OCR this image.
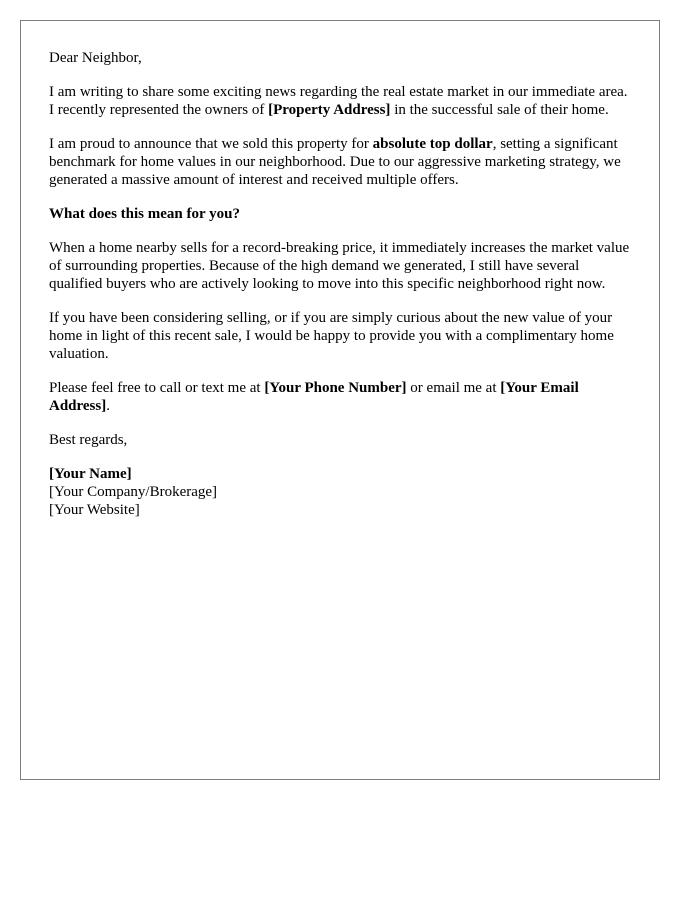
Dear Neighbor,

I am writing to share some exciting news regarding the real estate market in our immediate area. I recently represented the owners of [Property Address] in the successful sale of their home.

I am proud to announce that we sold this property for absolute top dollar, setting a significant benchmark for home values in our neighborhood. Due to our aggressive marketing strategy, we generated a massive amount of interest and received multiple offers.

What does this mean for you?

When a home nearby sells for a record-breaking price, it immediately increases the market value of surrounding properties. Because of the high demand we generated, I still have several qualified buyers who are actively looking to move into this specific neighborhood right now.

If you have been considering selling, or if you are simply curious about the new value of your home in light of this recent sale, I would be happy to provide you with a complimentary home valuation.

Please feel free to call or text me at [Your Phone Number] or email me at [Your Email Address].

Best regards,

[Your Name]
[Your Company/Brokerage]
[Your Website]
